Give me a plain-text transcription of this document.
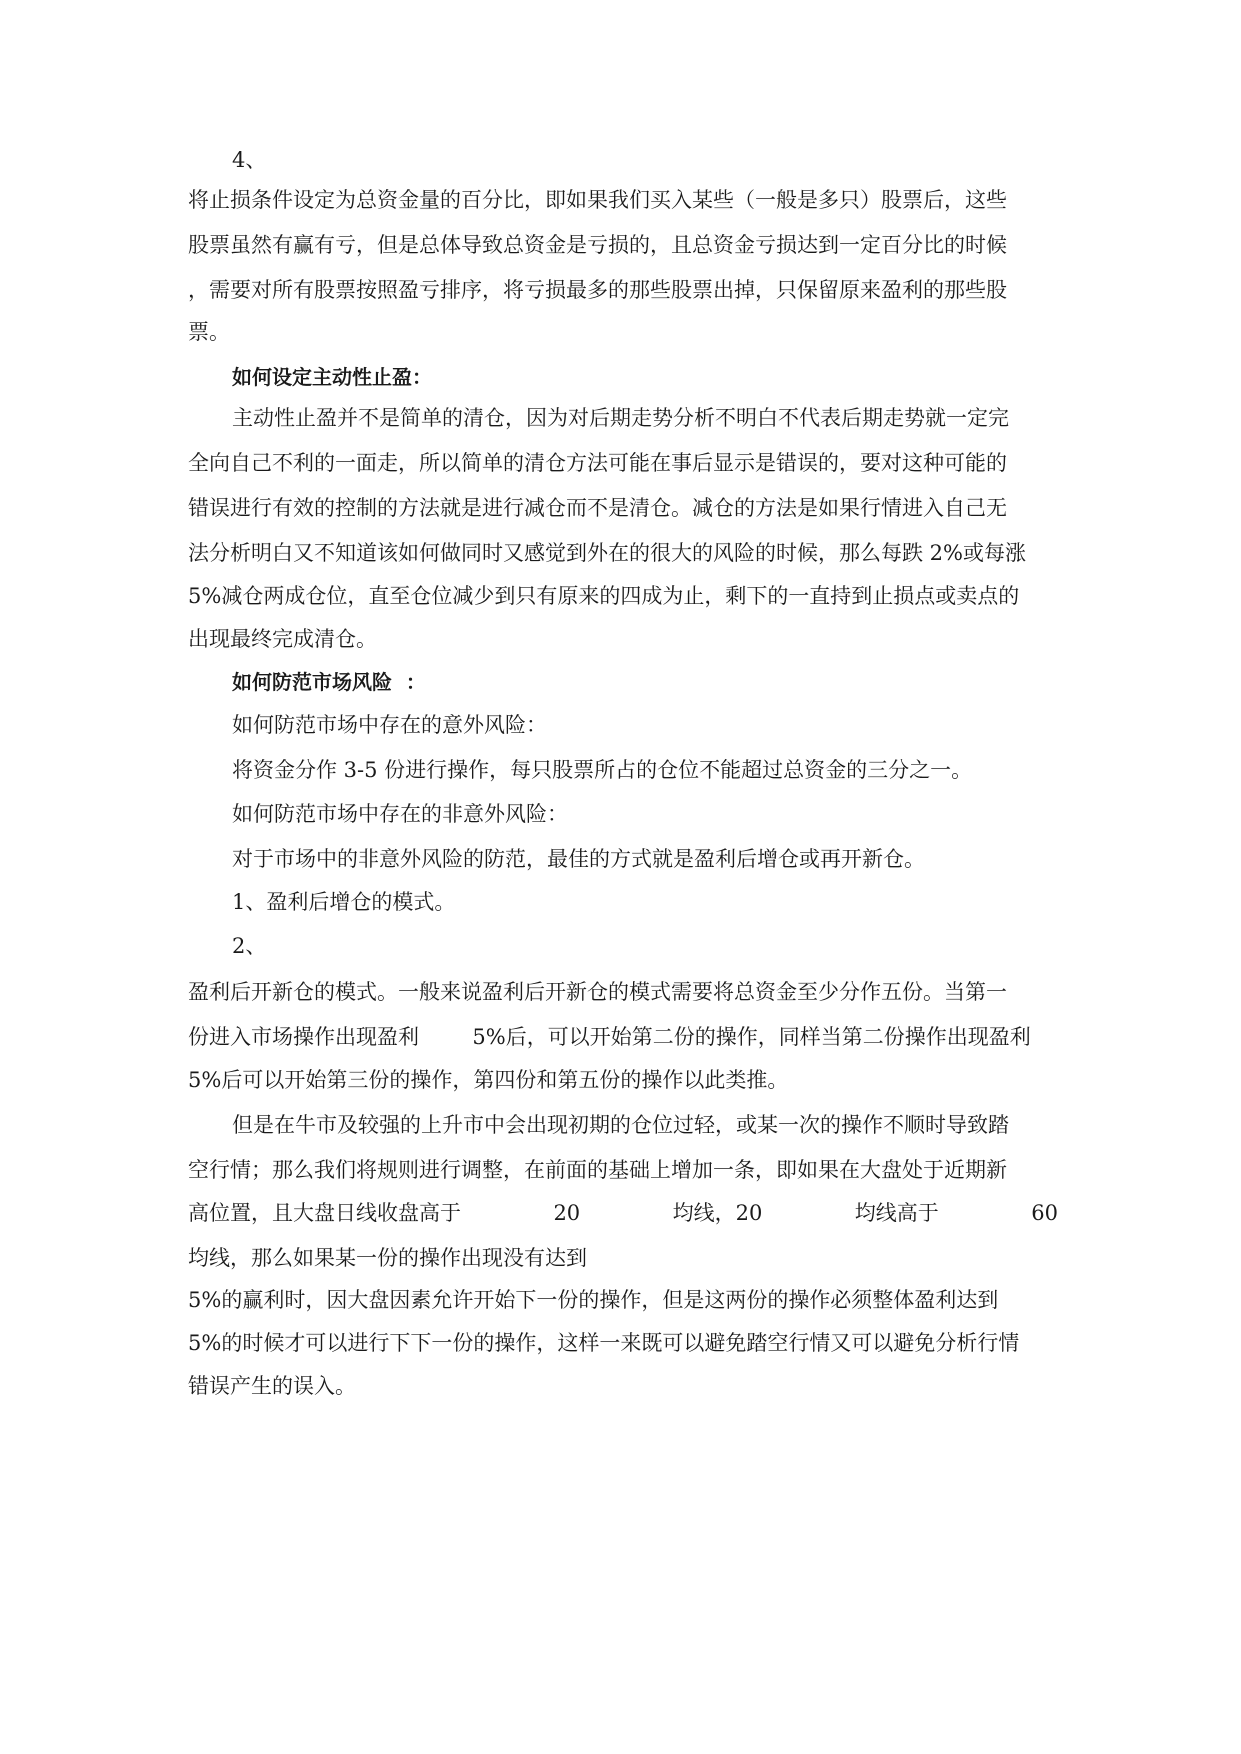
4、
将止损条件设定为总资金量的百分比，即如果我们买入某些（一般是多只）股票后，这些
股票虽然有赢有亏，但是总体导致总资金是亏损的，且总资金亏损达到一定百分比的时候
，需要对所有股票按照盈亏排序，将亏损最多的那些股票出掉，只保留原来盈利的那些股
票。
如何设定主动性止盈：
主动性止盈并不是简单的清仓，因为对后期走势分析不明白不代表后期走势就一定完
全向自己不利的一面走，所以简单的清仓方法可能在事后显示是错误的，要对这种可能的
错误进行有效的控制的方法就是进行减仓而不是清仓。减仓的方法是如果行情进入自己无
法分析明白又不知道该如何做同时又感觉到外在的很大的风险的时候，那么每跌 2%或每涨
5%减仓两成仓位，直至仓位减少到只有原来的四成为止，剩下的一直持到止损点或卖点的
出现最终完成清仓。
如何防范市场风险  ：
如何防范市场中存在的意外风险：
将资金分作 3-5 份进行操作，每只股票所占的仓位不能超过总资金的三分之一。
如何防范市场中存在的非意外风险：
对于市场中的非意外风险的防范，最佳的方式就是盈利后增仓或再开新仓。
1、盈利后增仓的模式。
2、
盈利后开新仓的模式。一般来说盈利后开新仓的模式需要将总资金至少分作五份。当第一
份进入市场操作出现盈利        5%后，可以开始第二份的操作，同样当第二份操作出现盈利
5%后可以开始第三份的操作，第四份和第五份的操作以此类推。
但是在牛市及较强的上升市中会出现初期的仓位过轻，或某一次的操作不顺时导致踏
空行情；那么我们将规则进行调整，在前面的基础上增加一条，即如果在大盘处于近期新
高位置，且大盘日线收盘高于	20	均线，20	均线高于	60
均线，那么如果某一份的操作出现没有达到
5%的赢利时，因大盘因素允许开始下一份的操作，但是这两份的操作必须整体盈利达到
5%的时候才可以进行下下一份的操作，这样一来既可以避免踏空行情又可以避免分析行情
错误产生的误入。
